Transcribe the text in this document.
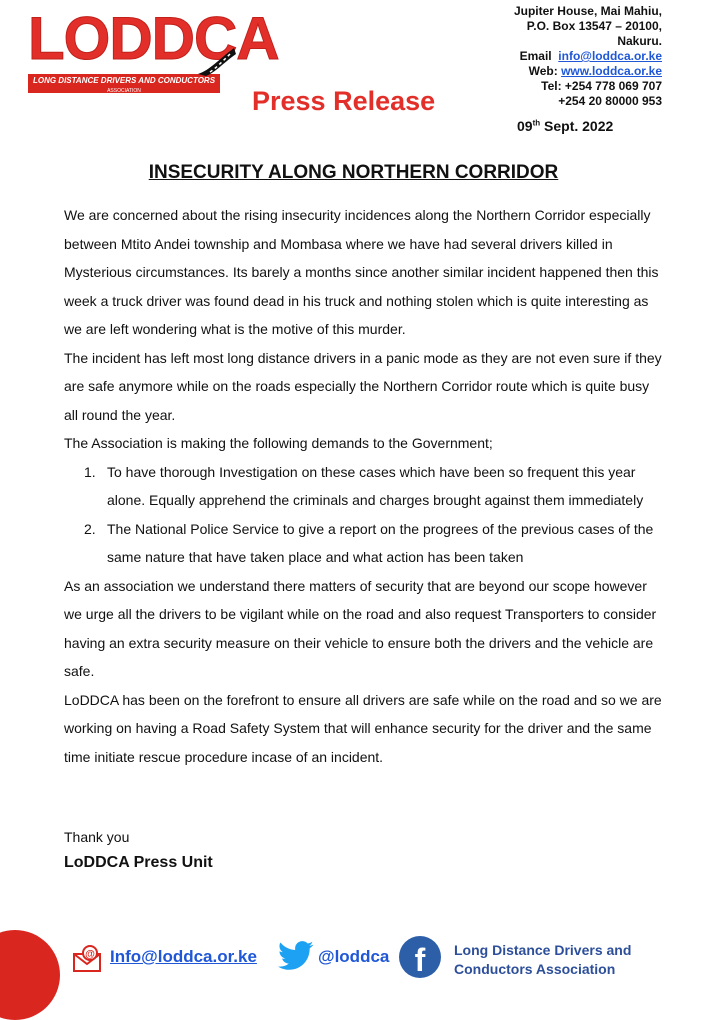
LODDCA
LONG DISTANCE DRIVERS AND CONDUCTORS
ASSOCIATION	Press Release
Jupiter House, Mai Mahiu,
P.O. Box 13547 – 20100,
Nakuru.
Email info@loddca.or.ke
Web: www.loddca.or.ke
Tel: +254 778 069 707
+254 20 80000 953
09th Sept. 2022
INSECURITY ALONG NORTHERN CORRIDOR

We are concerned about the rising insecurity incidences along the Northern Corridor especially between Mtito Andei township and Mombasa where we have had several drivers killed in Mysterious circumstances. Its barely a months since another similar incident happened then this week a truck driver was found dead in his truck and nothing stolen which is quite interesting as we are left wondering what is the motive of this murder.

The incident has left most long distance drivers in a panic mode as they are not even sure if they are safe anymore while on the roads especially the Northern Corridor route which is quite busy all round the year.

The Association is making the following demands to the Government;

1. To have thorough Investigation on these cases which have been so frequent this year alone. Equally apprehend the criminals and charges brought against them immediately
2. The National Police Service to give a report on the progrees of the previous cases of the same nature that have taken place and what action has been taken

As an association we understand there matters of security that are beyond our scope however we urge all the drivers to be vigilant while on the road and also request Transporters to consider having an extra security measure on their vehicle to ensure both the drivers and the vehicle are safe.

LoDDCA has been on the forefront to ensure all drivers are safe while on the road and so we are working on having a Road Safety System that will enhance security for the driver and the same time initiate rescue procedure incase of an incident.

Thank you
LoDDCA Press Unit
@ Info@loddca.or.ke	@loddca f	Long Distance Drivers and
Conductors Association
